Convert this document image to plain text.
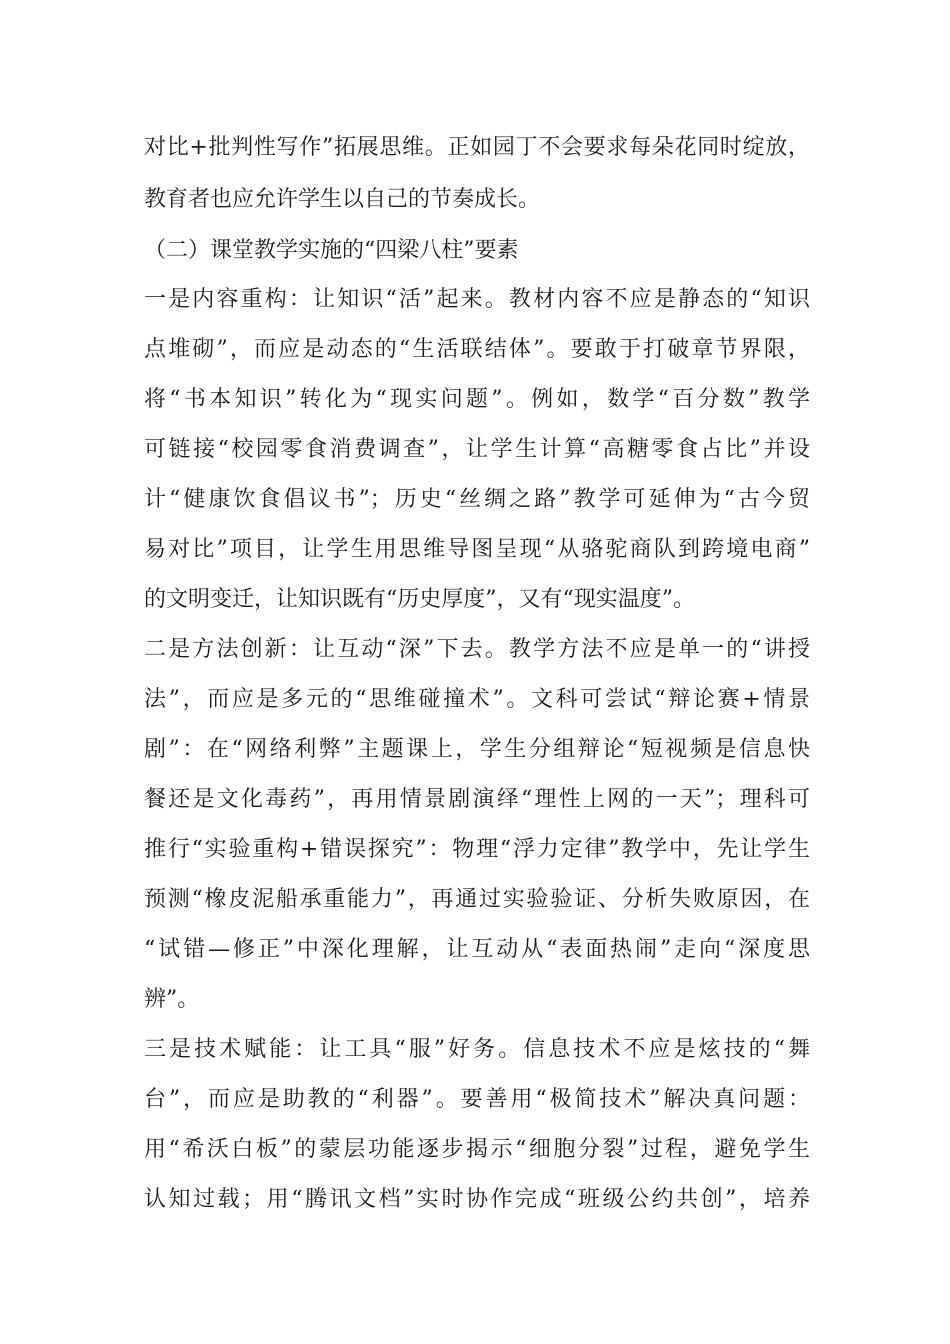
对比+批判性写作”拓展思维。正如园丁不会要求每朵花同时绽放，
教育者也应允许学生以自己的节奏成长。
（二）课堂教学实施的“四梁八柱”要素
一是内容重构：让知识“活”起来。教材内容不应是静态的“知识
点堆砌”，而应是动态的“生活联结体”。要敢于打破章节界限，
将“书本知识”转化为“现实问题”。例如，数学“百分数”教学
可链接“校园零食消费调查”，让学生计算“高糖零食占比”并设
计“健康饮食倡议书”；历史“丝绸之路”教学可延伸为“古今贸
易对比”项目，让学生用思维导图呈现“从骆驼商队到跨境电商”
的文明变迁，让知识既有“历史厚度”，又有“现实温度”。
二是方法创新：让互动“深”下去。教学方法不应是单一的“讲授
法”，而应是多元的“思维碰撞术”。文科可尝试“辩论赛+情景
剧”：在“网络利弊”主题课上，学生分组辩论“短视频是信息快
餐还是文化毒药”，再用情景剧演绎“理性上网的一天”；理科可
推行“实验重构+错误探究”：物理“浮力定律”教学中，先让学生
预测“橡皮泥船承重能力”，再通过实验验证、分析失败原因，在
“试错—修正”中深化理解，让互动从“表面热闹”走向“深度思
辨”。
三是技术赋能：让工具“服”好务。信息技术不应是炫技的“舞
台”，而应是助教的“利器”。要善用“极简技术”解决真问题：
用“希沃白板”的蒙层功能逐步揭示“细胞分裂”过程，避免学生
认知过载；用“腾讯文档”实时协作完成“班级公约共创”，培养
